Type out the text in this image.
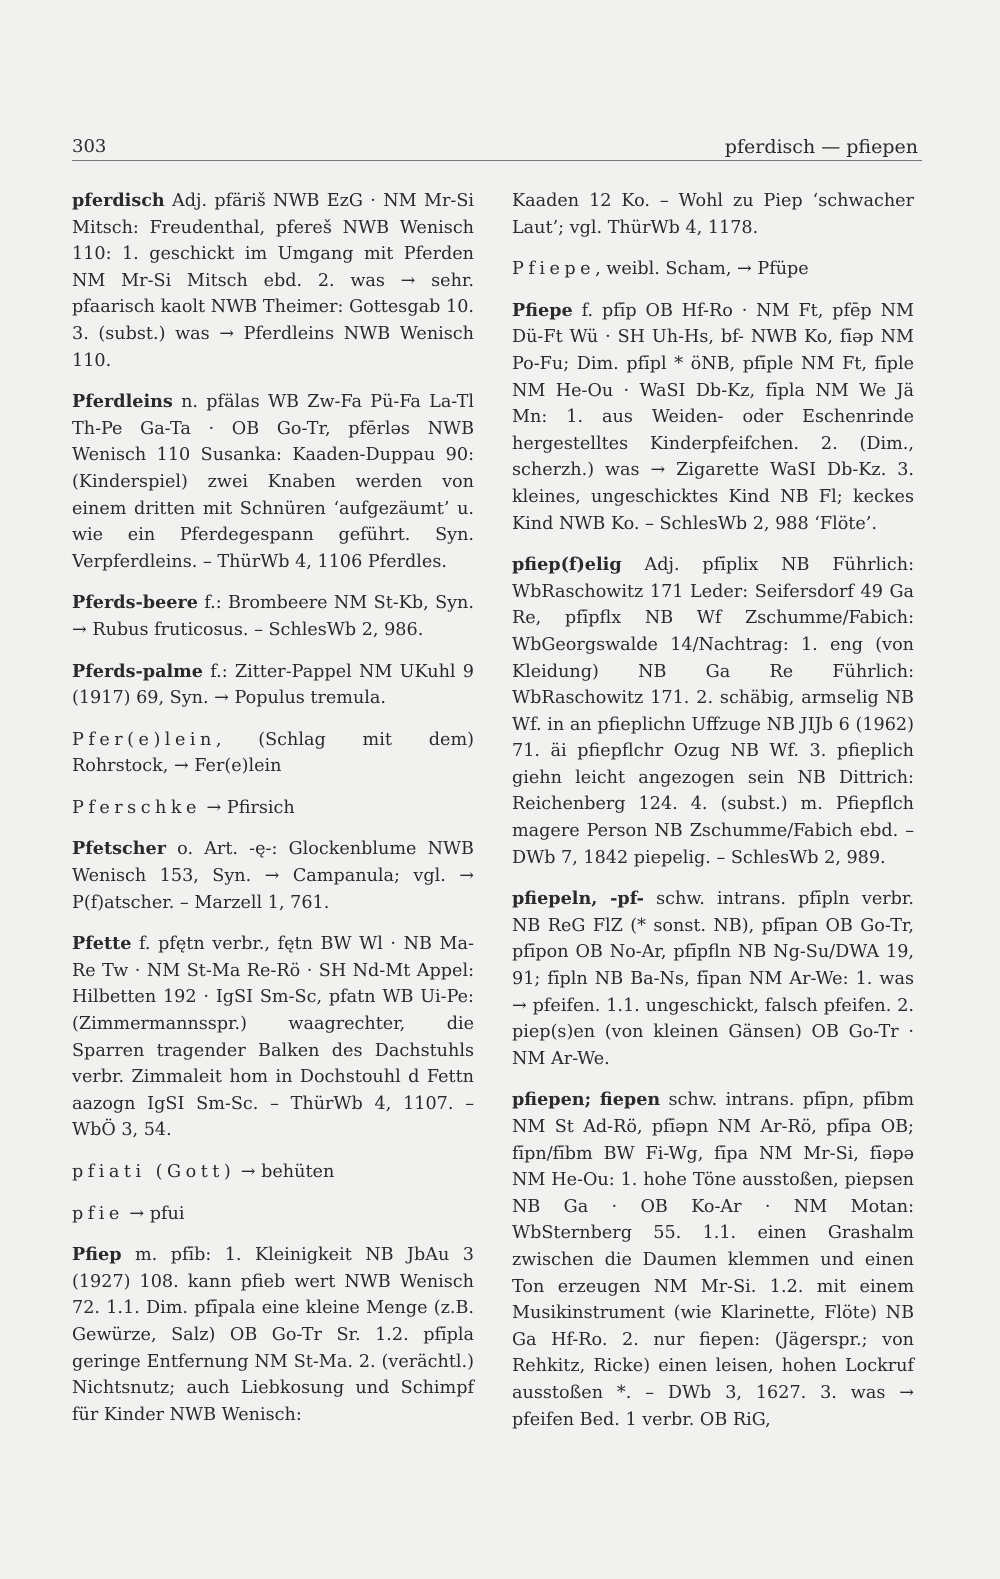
303	pferdisch — pfiepen

pferdisch Adj. pfäriš NWB EzG · NM Mr-Si Mitsch: Freudenthal, pfereš NWB Wenisch 110: 1. geschickt im Umgang mit Pferden NM Mr-Si Mitsch ebd. 2. was → sehr. pfaarisch kaolt NWB Theimer: Gottesgab 10. 3. (subst.) was → Pferdleins NWB Wenisch 110.

Pferdleins n. pfälas WB Zw-Fa Pü-Fa La-Tl Th-Pe Ga-Ta · OB Go-Tr, pfērləs NWB Wenisch 110 Susanka: Kaaden-Duppau 90: (Kinderspiel) zwei Knaben werden von einem dritten mit Schnüren ‘aufgezäumt’ u. wie ein Pferdegespann geführt. Syn. Verpferdleins. – ThürWb 4, 1106 Pferdles.

Pferds-beere f.: Brombeere NM St-Kb, Syn. → Rubus fruticosus. – SchlesWb 2, 986.

Pferds-palme f.: Zitter-Pappel NM UKuhl 9 (1917) 69, Syn. → Populus tremula.

Pfer(e)lein, (Schlag mit dem) Rohrstock, → Fer(e)lein

Pferschke → Pfirsich

Pfetscher o. Art. -ę-: Glockenblume NWB Wenisch 153, Syn. → Campanula; vgl. → P(f)atscher. – Marzell 1, 761.

Pfette f. pfętn verbr., fętn BW Wl · NB Ma-Re Tw · NM St-Ma Re-Rö · SH Nd-Mt Appel: Hilbetten 192 · IgSI Sm-Sc, pfatn WB Ui-Pe: (Zimmermannsspr.) waagrechter, die Sparren tragender Balken des Dachstuhls verbr. Zimmaleit hom in Dochstouhl d Fettn aazogn IgSI Sm-Sc. – ThürWb 4, 1107. – WbÖ 3, 54.

pfiati (Gott) → behüten

pfie → pfui

Pfiep m. pfīb: 1. Kleinigkeit NB JbAu 3 (1927) 108. kann pfieb wert NWB Wenisch 72. 1.1. Dim. pfīpala eine kleine Menge (z.B. Gewürze, Salz) OB Go-Tr Sr. 1.2. pfīpla geringe Entfernung NM St-Ma. 2. (verächtl.) Nichtsnutz; auch Liebkosung und Schimpf für Kinder NWB Wenisch:

Kaaden 12 Ko. – Wohl zu Piep ‘schwacher Laut’; vgl. ThürWb 4, 1178.

Pfiepe, weibl. Scham, → Pfüpe

Pfiepe f. pfīp OB Hf-Ro · NM Ft, pfēp NM Dü-Ft Wü · SH Uh-Hs, bf- NWB Ko, fīəp NM Po-Fu; Dim. pfīpl * öNB, pfīple NM Ft, fīple NM He-Ou · WaSI Db-Kz, fīpla NM We Jä Mn: 1. aus Weiden- oder Eschenrinde hergestelltes Kinderpfeifchen. 2. (Dim., scherzh.) was → Zigarette WaSI Db-Kz. 3. kleines, ungeschicktes Kind NB Fl; keckes Kind NWB Ko. – SchlesWb 2, 988 ‘Flöte’.

pfiep(f)elig Adj. pfīplix NB Führlich: WbRaschowitz 171 Leder: Seifersdorf 49 Ga Re, pfīpflx NB Wf Zschumme/Fabich: WbGeorgswalde 14/Nachtrag: 1. eng (von Kleidung) NB Ga Re Führlich: WbRaschowitz 171. 2. schäbig, armselig NB Wf. in an pfieplichn Uffzuge NB JIJb 6 (1962) 71. äi pfiepflchr Ozug NB Wf. 3. pfieplich giehn leicht angezogen sein NB Dittrich: Reichenberg 124. 4. (subst.) m. Pfiepflch magere Person NB Zschumme/Fabich ebd. – DWb 7, 1842 piepelig. – SchlesWb 2, 989.

pfiepeln, -pf- schw. intrans. pfīpln verbr. NB ReG FlZ (* sonst. NB), pfīpan OB Go-Tr, pfīpon OB No-Ar, pfīpfln NB Ng-Su/DWA 19, 91; fīpln NB Ba-Ns, fīpan NM Ar-We: 1. was → pfeifen. 1.1. ungeschickt, falsch pfeifen. 2. piep(s)en (von kleinen Gänsen) OB Go-Tr · NM Ar-We.

pfiepen; fiepen schw. intrans. pfīpn, pfībm NM St Ad-Rö, pfīəpn NM Ar-Rö, pfīpa OB; fīpn/fībm BW Fi-Wg, fīpa NM Mr-Si, fīəpə NM He-Ou: 1. hohe Töne ausstoßen, piepsen NB Ga · OB Ko-Ar · NM Motan: WbSternberg 55. 1.1. einen Grashalm zwischen die Daumen klemmen und einen Ton erzeugen NM Mr-Si. 1.2. mit einem Musikinstrument (wie Klarinette, Flöte) NB Ga Hf-Ro. 2. nur fiepen: (Jägerspr.; von Rehkitz, Ricke) einen leisen, hohen Lockruf ausstoßen *. – DWb 3, 1627. 3. was → pfeifen Bed. 1 verbr. OB RiG,
